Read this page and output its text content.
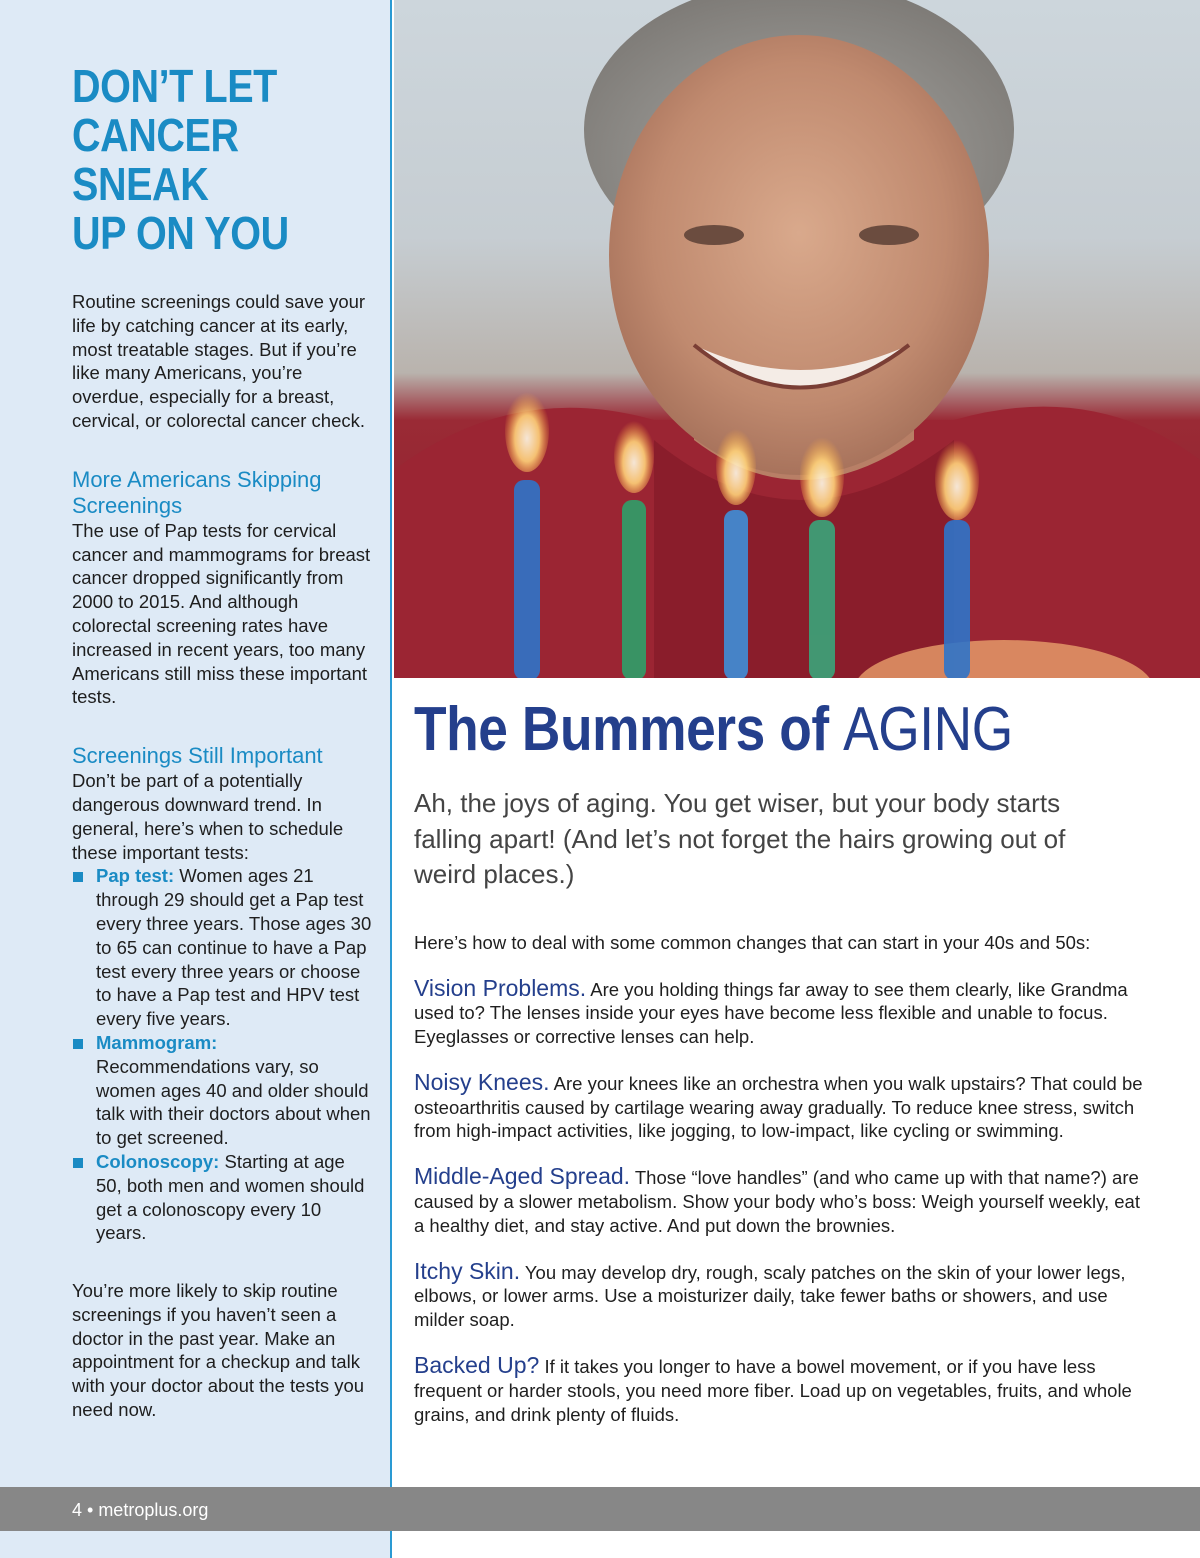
DON’T LET
CANCER SNEAK
UP ON YOU

Routine screenings could save your life by catching cancer at its early, most treatable stages. But if you’re like many Americans, you’re overdue, especially for a breast, cervical, or colorectal cancer check.

More Americans Skipping Screenings

The use of Pap tests for cervical cancer and mammograms for breast cancer dropped significantly from 2000 to 2015. And although colorectal screening rates have increased in recent years, too many Americans still miss these important tests.

Screenings Still Important

Don’t be part of a potentially dangerous downward trend. In general, here’s when to schedule these important tests:

Pap test: Women ages 21 through 29 should get a Pap test every three years. Those ages 30 to 65 can continue to have a Pap test every three years or choose to have a Pap test and HPV test every five years.
Mammogram: Recommendations vary, so women ages 40 and older should talk with their doctors about when to get screened.
Colonoscopy: Starting at age 50, both men and women should get a colonoscopy every 10 years.

You’re more likely to skip routine screenings if you haven’t seen a doctor in the past year. Make an appointment for a checkup and talk with your doctor about the tests you need now.

The Bummers of AGING

Ah, the joys of aging. You get wiser, but your body starts falling apart! (And let’s not forget the hairs growing out of weird places.)

Here’s how to deal with some common changes that can start in your 40s and 50s:

Vision Problems. Are you holding things far away to see them clearly, like Grandma used to? The lenses inside your eyes have become less flexible and unable to focus. Eyeglasses or corrective lenses can help.

Noisy Knees. Are your knees like an orchestra when you walk upstairs? That could be osteoarthritis caused by cartilage wearing away gradually. To reduce knee stress, switch from high-impact activities, like jogging, to low-impact, like cycling or swimming.

Middle-Aged Spread. Those “love handles” (and who came up with that name?) are caused by a slower metabolism. Show your body who’s boss: Weigh yourself weekly, eat a healthy diet, and stay active. And put down the brownies.

Itchy Skin. You may develop dry, rough, scaly patches on the skin of your lower legs, elbows, or lower arms. Use a moisturizer daily, take fewer baths or showers, and use milder soap.

Backed Up? If it takes you longer to have a bowel movement, or if you have less frequent or harder stools, you need more fiber. Load up on vegetables, fruits, and whole grains, and drink plenty of fluids.

4 • metroplus.org
